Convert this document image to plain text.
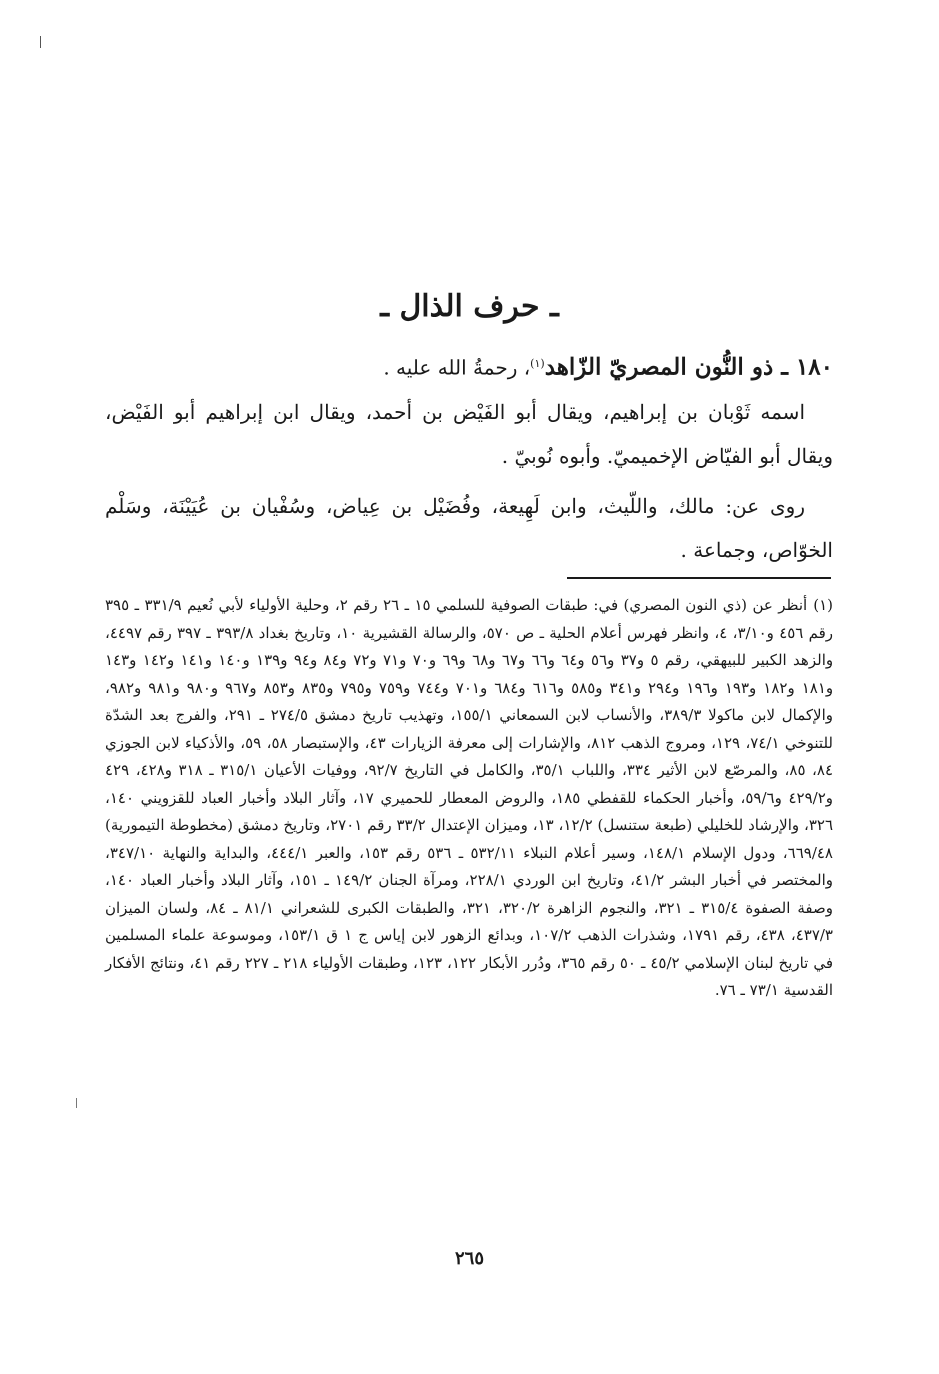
ـ حرف الذال ـ

١٨٠ ـ ذو النُّون المصريّ الزّاهد$^{(١)}$، رحمةُ الله عليه .

اسمه ثَوْبان بن إبراهيم، ويقال أبو الفَيْض بن أحمد، ويقال ابن إبراهيم أبو الفَيْض، ويقال أبو الفيّاض الإخميميّ. وأبوه نُوبيّ .

روى عن: مالك، واللّيث، وابن لَهِيعة، وفُضَيْل بن عِياض، وسُفْيان بن عُيَيْنَة، وسَلْم الخوّاص، وجماعة .

(١)أنظر عن (ذي النون المصري) في: طبقات الصوفية للسلمي ١٥ ـ ٢٦ رقم ٢، وحلية الأولياء لأبي نُعيم ٣٣١/٩ ـ ٣٩٥ رقم ٤٥٦ و٣/١٠، ٤، وانظر فهرس أعلام الحلية ـ ص ٥٧٠، والرسالة القشيرية ١٠، وتاريخ بغداد ٣٩٣/٨ ـ ٣٩٧ رقم ٤٤٩٧، والزهد الكبير للبيهقي، رقم ٥ و٣٧ و٥٦ و٦٤ و٦٦ و٦٧ و٦٨ و٦٩ و٧٠ و٧١ و٧٢ و٨٤ و٩٤ و١٣٩ و١٤٠ و١٤١ و١٤٢ و١٤٣ و١٨١ و١٨٢ و١٩٣ و١٩٦ و٢٩٤ و٣٤١ و٥٨٥ و٦١٦ و٦٨٤ و٧٠١ و٧٤٤ و٧٥٩ و٧٩٥ و٨٣٥ و٨٥٣ و٩٦٧ و٩٨٠ و٩٨١ و٩٨٢، والإكمال لابن ماكولا ٣٨٩/٣، والأنساب لابن السمعاني ١٥٥/١، وتهذيب تاريخ دمشق ٢٧٤/٥ ـ ٢٩١، والفرج بعد الشدّة للتنوخي ٧٤/١، ١٢٩، ومروج الذهب ٨١٢، والإشارات إلى معرفة الزيارات ٤٣، والإستبصار ٥٨، ٥٩، والأذكياء لابن الجوزي ٨٤، ٨٥، والمرصّع لابن الأثير ٣٣٤، واللباب ٣٥/١، والكامل في التاريخ ٩٢/٧، ووفيات الأعيان ٣١٥/١ ـ ٣١٨ و٤٢٨، ٤٢٩ و٤٢٩/٢ و٥٩/٦، وأخبار الحكماء للقفطي ١٨٥، والروض المعطار للحميري ١٧، وآثار البلاد وأخبار العباد للقزويني ١٤٠، ٣٢٦، والإرشاد للخليلي (طبعة ستنسل) ١٢/٢، ١٣، وميزان الإعتدال ٣٣/٢ رقم ٢٧٠١، وتاريخ دمشق (مخطوطة التيمورية) ٦٦٩/٤٨، ودول الإسلام ١٤٨/١، وسير أعلام النبلاء ٥٣٢/١١ ـ ٥٣٦ رقم ١٥٣، والعبر ٤٤٤/١، والبداية والنهاية ٣٤٧/١٠، والمختصر في أخبار البشر ٤١/٢، وتاريخ ابن الوردي ٢٢٨/١، ومرآة الجنان ١٤٩/٢ ـ ١٥١، وآثار البلاد وأخبار العباد ١٤٠، وصفة الصفوة ٣١٥/٤ ـ ٣٢١، والنجوم الزاهرة ٣٢٠/٢، ٣٢١، والطبقات الكبرى للشعراني ٨١/١ ـ ٨٤، ولسان الميزان ٤٣٧/٣، ٤٣٨، رقم ١٧٩١، وشذرات الذهب ١٠٧/٢، وبدائع الزهور لابن إياس ج ١ ق ١٥٣/١، وموسوعة علماء المسلمين في تاريخ لبنان الإسلامي ٤٥/٢ ـ ٥٠ رقم ٣٦٥، ودُرر الأبكار ١٢٢، ١٢٣، وطبقات الأولياء ٢١٨ ـ ٢٢٧ رقم ٤١، ونتائج الأفكار القدسية ٧٣/١ ـ ٧٦.

٢٦٥
